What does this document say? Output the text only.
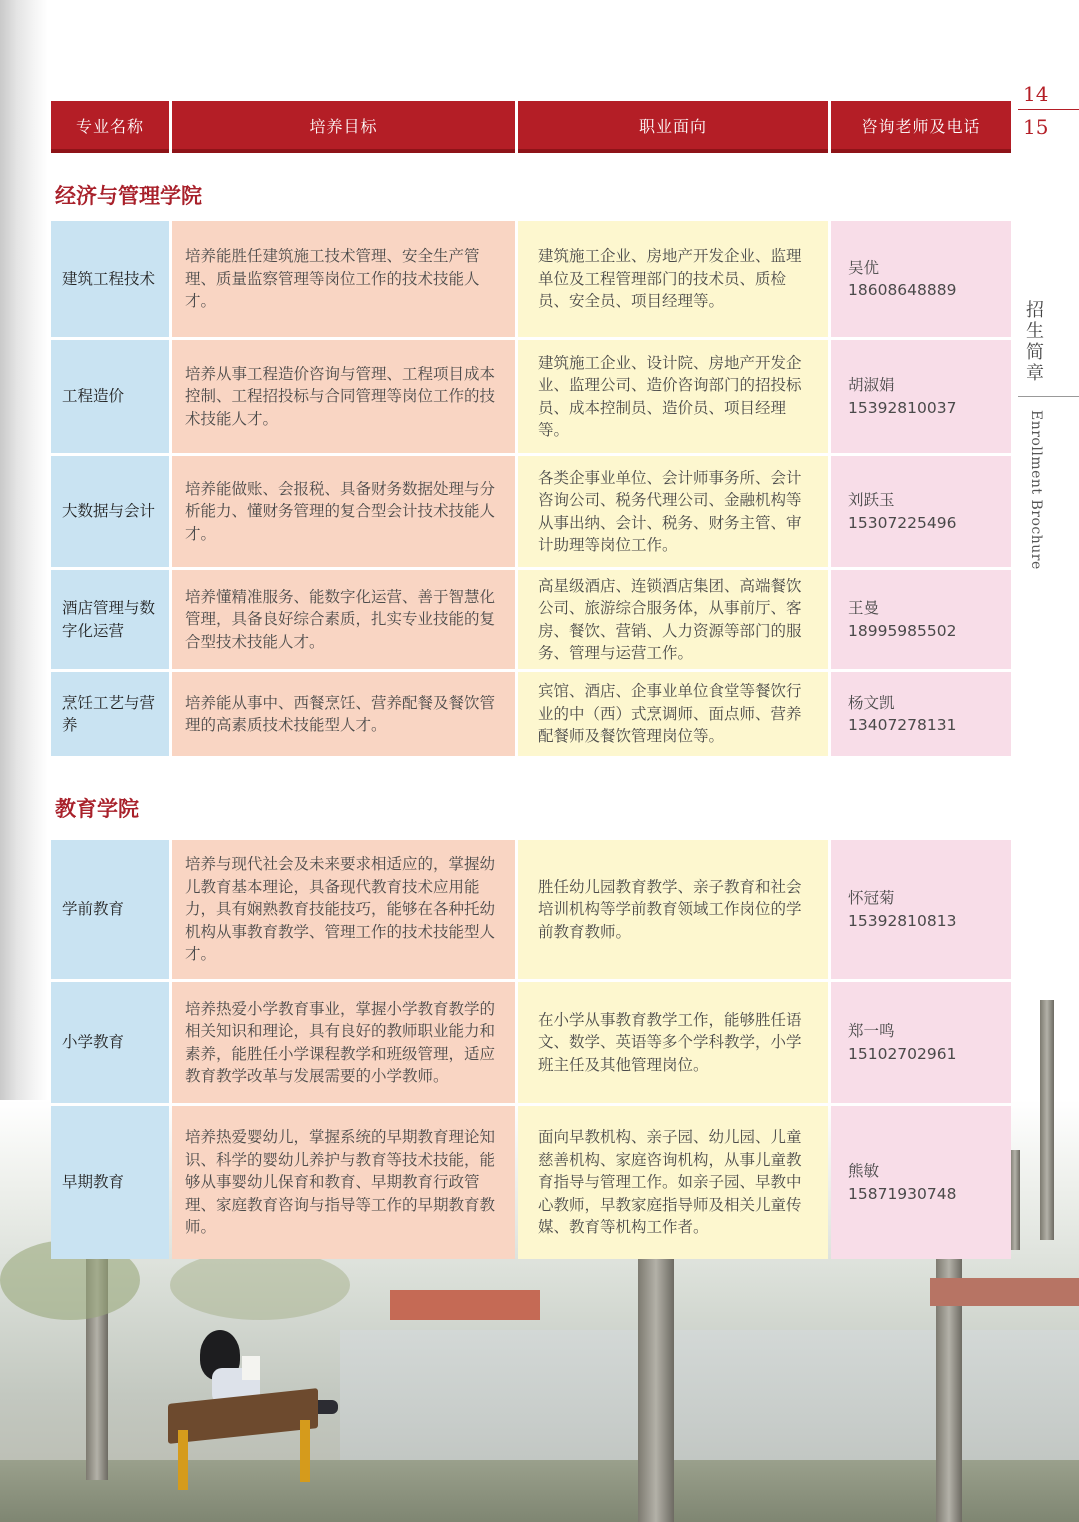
专业名称	培养目标	职业面向	咨询老师及电话
经济与管理学院
建筑工程技术	培养能胜任建筑施工技术管理、安全生产管理、质量监察管理等岗位工作的技术技能人才。	建筑施工企业、房地产开发企业、监理单位及工程管理部门的技术员、质检员、安全员、项目经理等。	吴优
18608648889

工程造价	培养从事工程造价咨询与管理、工程项目成本控制、工程招投标与合同管理等岗位工作的技术技能人才。	建筑施工企业、设计院、房地产开发企业、监理公司、造价咨询部门的招投标员、成本控制员、造价员、项目经理等。	胡淑娟
15392810037

大数据与会计	培养能做账、会报税、具备财务数据处理与分析能力、懂财务管理的复合型会计技术技能人才。	各类企事业单位、会计师事务所、会计咨询公司、税务代理公司、金融机构等从事出纳、会计、税务、财务主管、审计助理等岗位工作。	刘跃玉
15307225496

酒店管理与数字化运营	培养懂精准服务、能数字化运营、善于智慧化管理，具备良好综合素质，扎实专业技能的复合型技术技能人才。	高星级酒店、连锁酒店集团、高端餐饮公司、旅游综合服务体，从事前厅、客房、餐饮、营销、人力资源等部门的服务、管理与运营工作。	王曼
18995985502

烹饪工艺与营养	培养能从事中、西餐烹饪、营养配餐及餐饮管理的高素质技术技能型人才。	宾馆、酒店、企事业单位食堂等餐饮行业的中（西）式烹调师、面点师、营养配餐师及餐饮管理岗位等。	杨文凯
13407278131
教育学院
学前教育	培养与现代社会及未来要求相适应的，掌握幼儿教育基本理论，具备现代教育技术应用能力，具有娴熟教育技能技巧，能够在各种托幼机构从事教育教学、管理工作的技术技能型人才。	胜任幼儿园教育教学、亲子教育和社会培训机构等学前教育领域工作岗位的学前教育教师。	怀冠菊
15392810813

小学教育	培养热爱小学教育事业，掌握小学教育教学的相关知识和理论，具有良好的教师职业能力和素养，能胜任小学课程教学和班级管理，适应教育教学改革与发展需要的小学教师。	在小学从事教育教学工作，能够胜任语文、数学、英语等多个学科教学，小学班主任及其他管理岗位。	郑一鸣
15102702961

早期教育	培养热爱婴幼儿，掌握系统的早期教育理论知识、科学的婴幼儿养护与教育等技术技能，能够从事婴幼儿保育和教育、早期教育行政管理、家庭教育咨询与指导等工作的早期教育教师。	面向早教机构、亲子园、幼儿园、儿童慈善机构、家庭咨询机构，从事儿童教育指导与管理工作。如亲子园、早教中心教师，早教家庭指导师及相关儿童传媒、教育等机构工作者。	熊敏
15871930748
14
15
招
生
简
章
Enrollment Brochure
